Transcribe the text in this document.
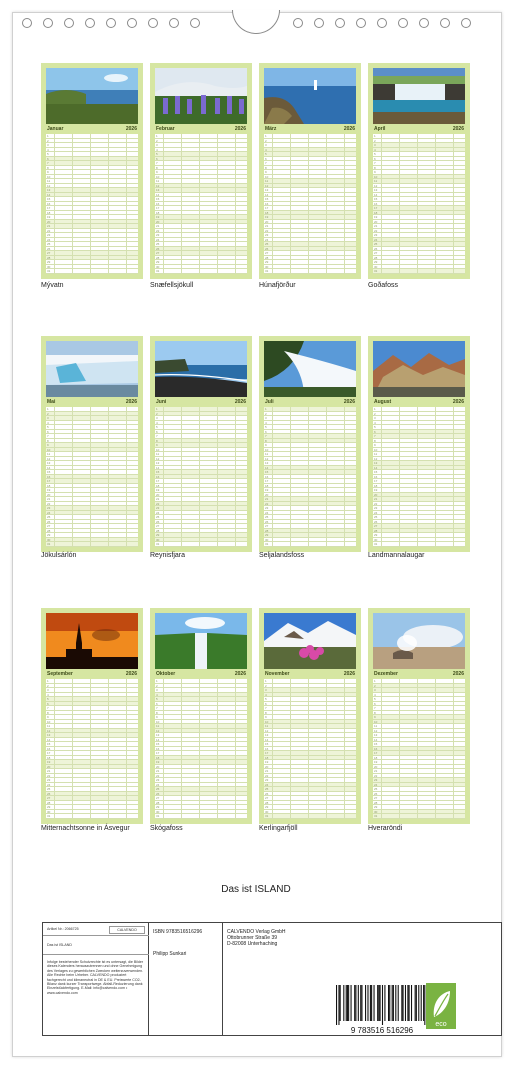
Januar	2026
1
2
3
4
5
6
7
8
9
10
11
12
13
14
15
16
17
18
19
20
21
22
23
24
25
26
27
28
29
30
31
Mývatn
Februar	2026
1
2
3
4
5
6
7
8
9
10
11
12
13
14
15
16
17
18
19
20
21
22
23
24
25
26
27
28
29
30
31
Snæfellsjökull
März	2026
1
2
3
4
5
6
7
8
9
10
11
12
13
14
15
16
17
18
19
20
21
22
23
24
25
26
27
28
29
30
31
Húnafjörður
April	2026
1
2
3
4
5
6
7
8
9
10
11
12
13
14
15
16
17
18
19
20
21
22
23
24
25
26
27
28
29
30
31
Goðafoss
Mai	2026
1
2
3
4
5
6
7
8
9
10
11
12
13
14
15
16
17
18
19
20
21
22
23
24
25
26
27
28
29
30
31
Jökulsárlón
Juni	2026
1
2
3
4
5
6
7
8
9
10
11
12
13
14
15
16
17
18
19
20
21
22
23
24
25
26
27
28
29
30
31
Reynisfjara
Juli	2026
1
2
3
4
5
6
7
8
9
10
11
12
13
14
15
16
17
18
19
20
21
22
23
24
25
26
27
28
29
30
31
Seljalandsfoss
August	2026
1
2
3
4
5
6
7
8
9
10
11
12
13
14
15
16
17
18
19
20
21
22
23
24
25
26
27
28
29
30
31
Landmannalaugar
September	2026
1
2
3
4
5
6
7
8
9
10
11
12
13
14
15
16
17
18
19
20
21
22
23
24
25
26
27
28
29
30
31
Mitternachtsonne in Ásvegur
Oktober	2026
1
2
3
4
5
6
7
8
9
10
11
12
13
14
15
16
17
18
19
20
21
22
23
24
25
26
27
28
29
30
31
Skógafoss
November	2026
1
2
3
4
5
6
7
8
9
10
11
12
13
14
15
16
17
18
19
20
21
22
23
24
25
26
27
28
29
30
31
Kerlingarfjöll
Dezember	2026
1
2
3
4
5
6
7
8
9
10
11
12
13
14
15
16
17
18
19
20
21
22
23
24
25
26
27
28
29
30
31
Hveraröndi
Das ist ISLAND
Artikel Nr.: 2066725	CALVENDO
Das ist ISLAND
Infolge bestehender Schutzrechte ist es untersagt, die Bilder dieses Kalenders herauszutrennen und ohne Genehmigung des Verlages zu gewerblichen Zwecken weiterzuverwenden. Alle Rechte beim Urheber. CALVENDO produziert fachgerecht und klimaneutral in DE & EU. Preiswerte CO2-Bilanz dank kurzer Transportwege. Abfall-Reduzierung dank Einzelstückfertigung. E-Mail: info@calvendo.com • www.calvendo.com
ISBN 9783516516296
Philipp Sunkari
CALVENDO Verlag GmbH
Ottobrunner Straße 39
D-82008 Unterhaching
9 783516 516296
eco
